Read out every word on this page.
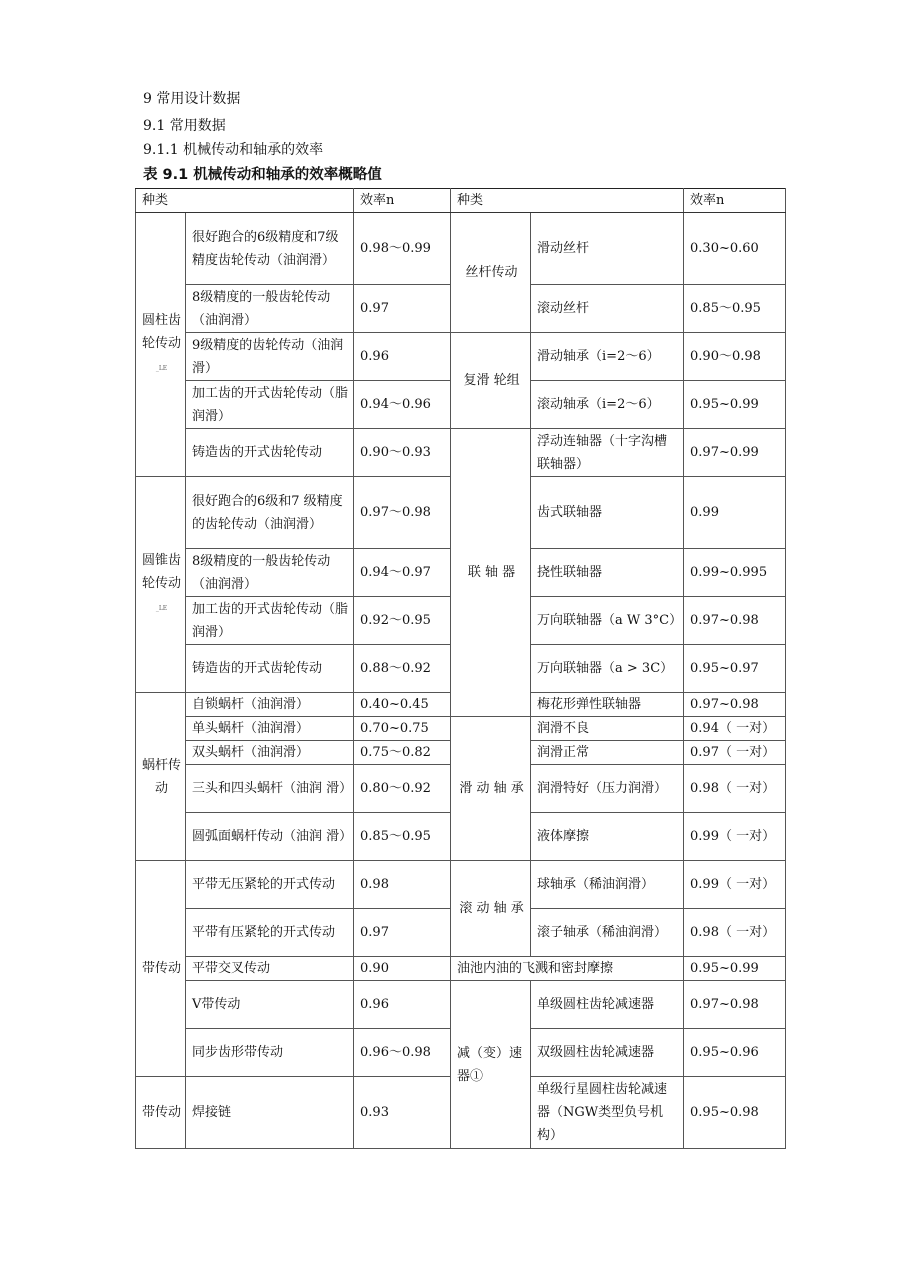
9 常用设计数据
9.1 常用数据
9.1.1 机械传动和轴承的效率
表 9.1 机械传动和轴承的效率概略值
种类		效率n	种类		效率n
圆柱齿轮传动_LE	很好跑合的6级精度和7级精度齿轮传动（油润滑）	0.98〜0.99	丝杆传动	滑动丝杆	0.30~0.60
	8级精度的一般齿轮传动（油润滑）	0.97		滚动丝杆	0.85〜0.95
	9级精度的齿轮传动（油润滑）	0.96	复滑 轮组	滑动轴承（i=2〜6）	0.90〜0.98
	加工齿的开式齿轮传动（脂润滑）	0.94〜0.96		滚动轴承（i=2〜6）	0.95~0.99
	铸造齿的开式齿轮传动	0.90〜0.93	联 轴 器	浮动连轴器（十字沟槽联轴器）	0.97~0.99
圆锥齿轮传动_LE	很好跑合的6级和7 级精度的齿轮传动（油润滑）	0.97〜0.98		齿式联轴器	0.99
	8级精度的一般齿轮传动（油润滑）	0.94〜0.97		挠性联轴器	0.99~0.995
	加工齿的开式齿轮传动（脂润滑）	0.92〜0.95		万向联轴器（a W 3°C）	0.97~0.98
	铸造齿的开式齿轮传动	0.88〜0.92		万向联轴器（a > 3C）	0.95~0.97
蜗杆传动	自锁蜗杆（油润滑）	0.40~0.45		梅花形弹性联轴器	0.97~0.98
	单头蜗杆（油润滑）	0.70~0.75	滑 动 轴 承	润滑不良	0.94（ 一对）
	双头蜗杆（油润滑）	0.75〜0.82		润滑正常	0.97（ 一对）
	三头和四头蜗杆（油润 滑）	0.80〜0.92		润滑特好（压力润滑）	0.98（ 一对）
	圆弧面蜗杆传动（油润 滑）	0.85〜0.95		液体摩擦	0.99（ 一对）
带传动	平带无压紧轮的开式传动	0.98	滚 动 轴 承	球轴承（稀油润滑）	0.99（ 一对）
	平带有压紧轮的开式传动	0.97		滚子轴承（稀油润滑）	0.98（ 一对）
	平带交叉传动	0.90	油池内油的飞溅和密封摩擦		0.95~0.99
	V带传动	0.96	减（变）速器①	单级圆柱齿轮减速器	0.97~0.98
	同步齿形带传动	0.96〜0.98		双级圆柱齿轮减速器	0.95~0.96
带传动	焊接链	0.93		单级行星圆柱齿轮减速器（NGW类型负号机构）	0.95~0.98
